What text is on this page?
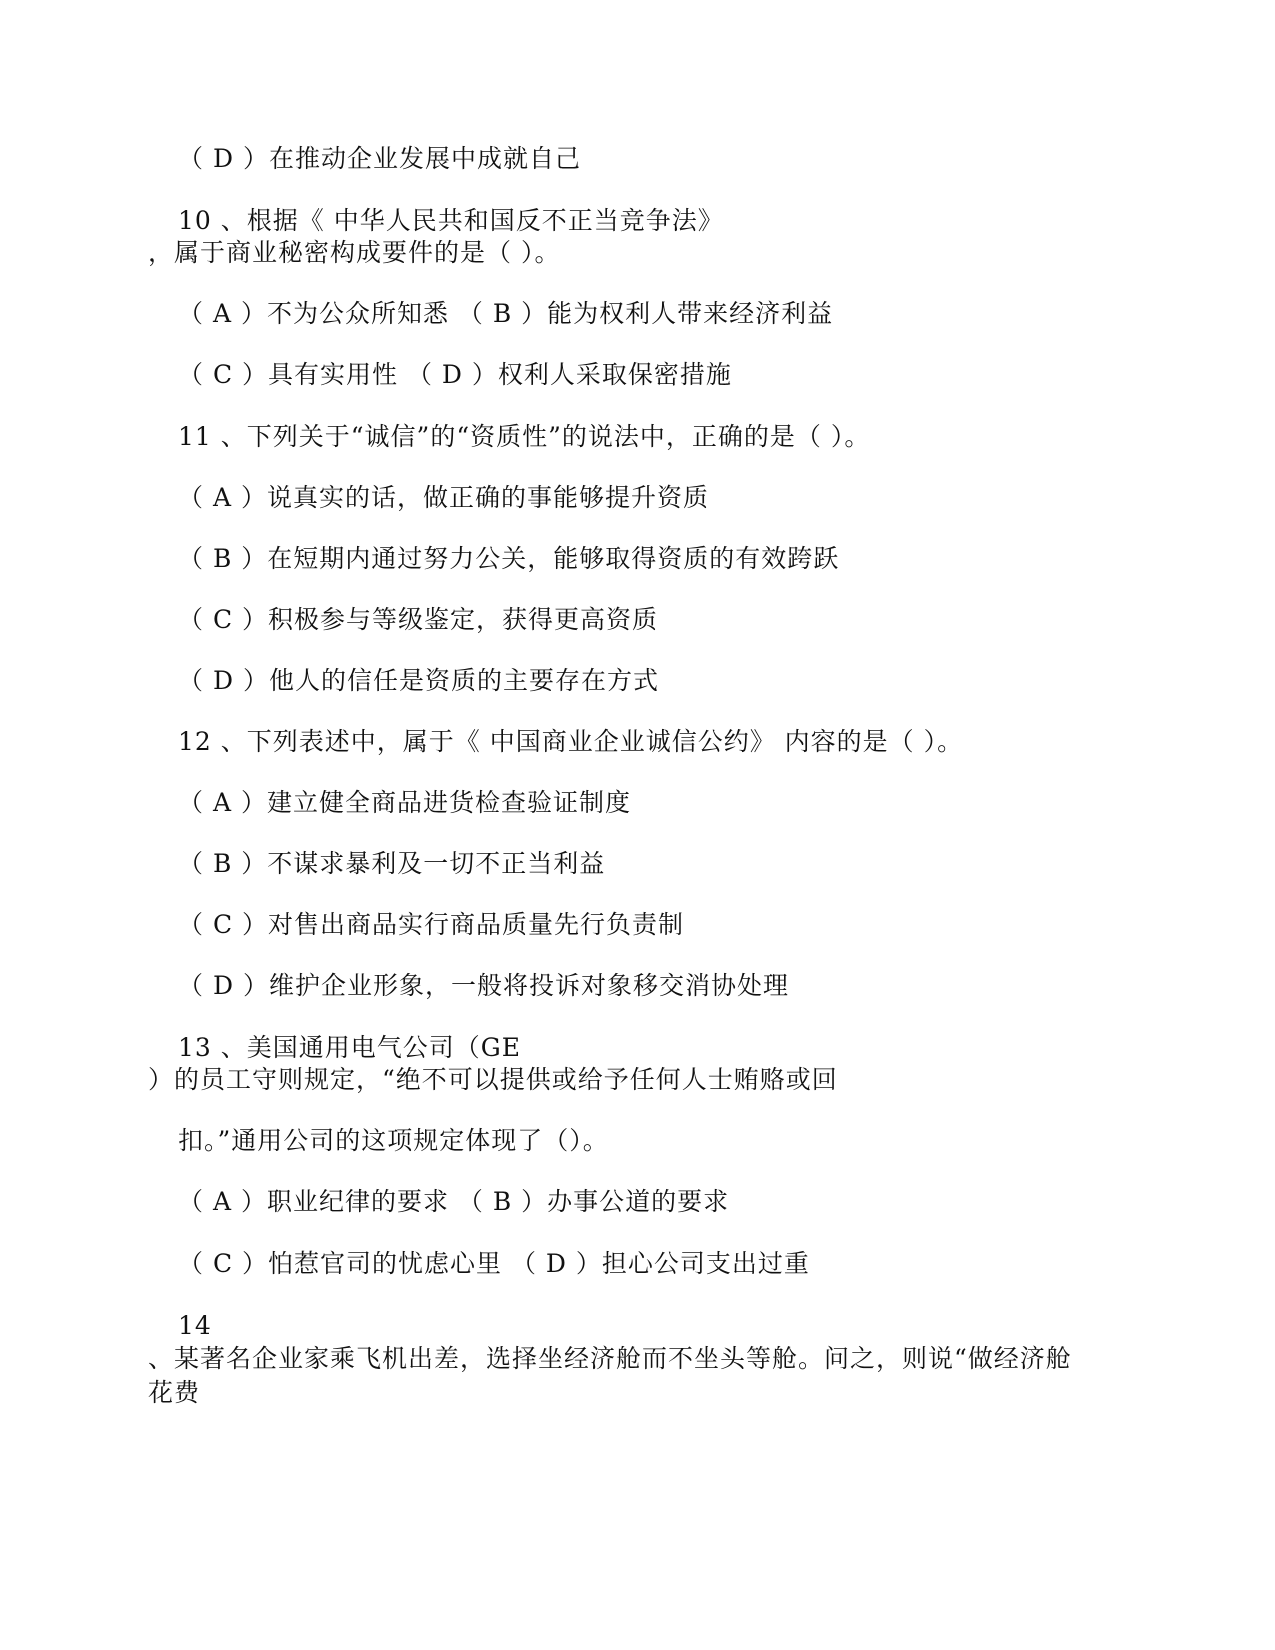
（ D ）在推动企业发展中成就自己
10 、根据《 中华人民共和国反不正当竞争法》
，属于商业秘密构成要件的是（ ）。
（ A ）不为公众所知悉 （ B ）能为权利人带来经济利益
（ C ）具有实用性 （ D ）权利人采取保密措施
11 、下列关于“诚信”的“资质性”的说法中，正确的是（ ）。
（ A ）说真实的话，做正确的事能够提升资质
（ B ）在短期内通过努力公关，能够取得资质的有效跨跃
（ C ）积极参与等级鉴定，获得更高资质
（ D ）他人的信任是资质的主要存在方式
12 、下列表述中，属于《 中国商业企业诚信公约》 内容的是（ ）。
（ A ）建立健全商品进货检查验证制度
（ B ）不谋求暴利及一切不正当利益
（ C ）对售出商品实行商品质量先行负责制
（ D ）维护企业形象，一般将投诉对象移交消协处理
13 、美国通用电气公司（GE
）的员工守则规定，“绝不可以提供或给予任何人士贿赂或回
扣。”通用公司的这项规定体现了（）。
（ A ）职业纪律的要求 （ B ）办事公道的要求
（ C ）怕惹官司的忧虑心里 （ D ）担心公司支出过重
14
、某著名企业家乘飞机出差，选择坐经济舱而不坐头等舱。问之，则说“做经济舱
花费
